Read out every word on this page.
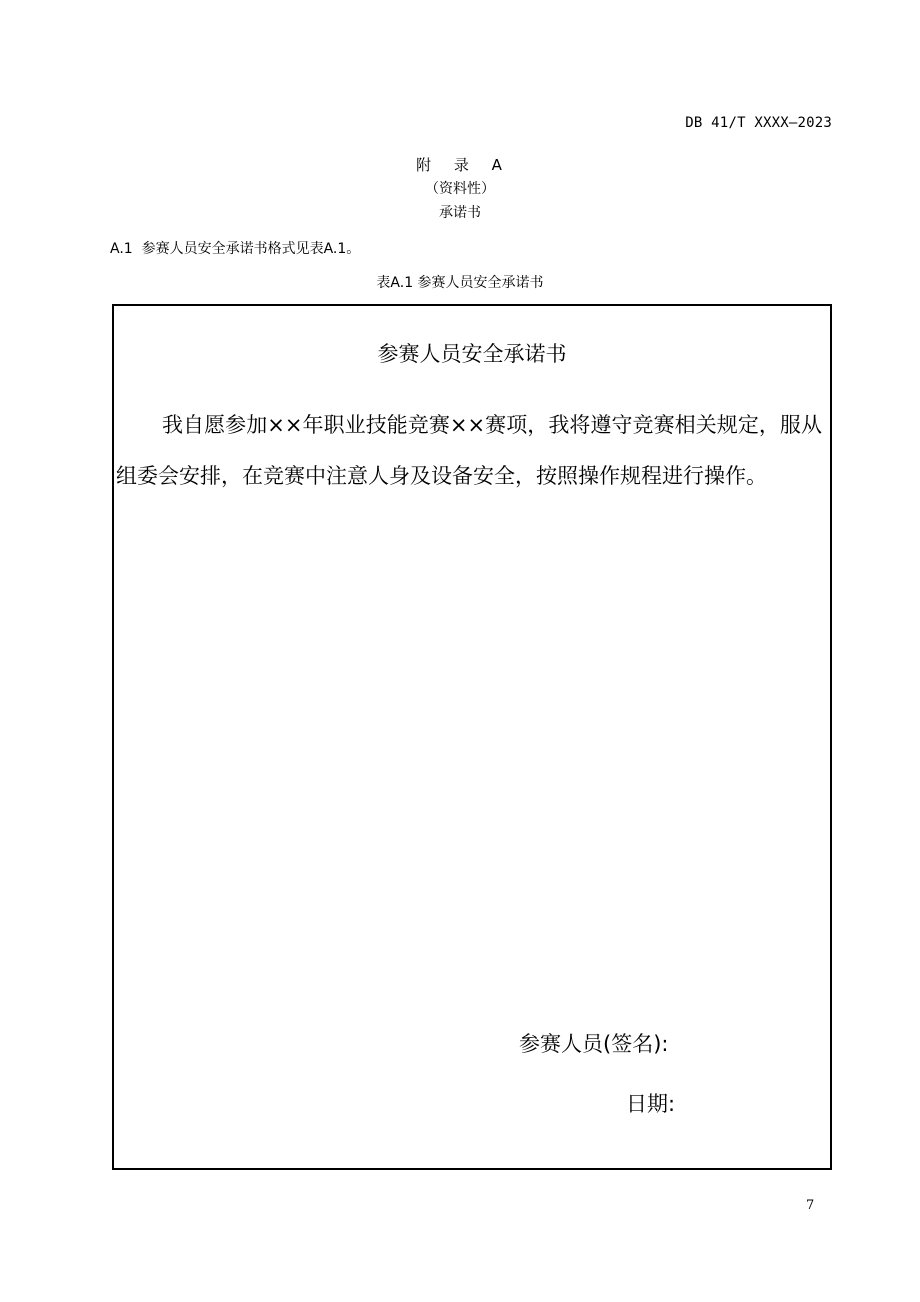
DB 41/T XXXX—2023
附 录 A
（资料性）
承诺书
A.1  参赛人员安全承诺书格式见表A.1。
表A.1 参赛人员安全承诺书
参赛人员安全承诺书
我自愿参加××年职业技能竞赛××赛项，我将遵守竞赛相关规定，服从组委会安排，在竞赛中注意人身及设备安全，按照操作规程进行操作。
参赛人员(签名):
日期:
7
